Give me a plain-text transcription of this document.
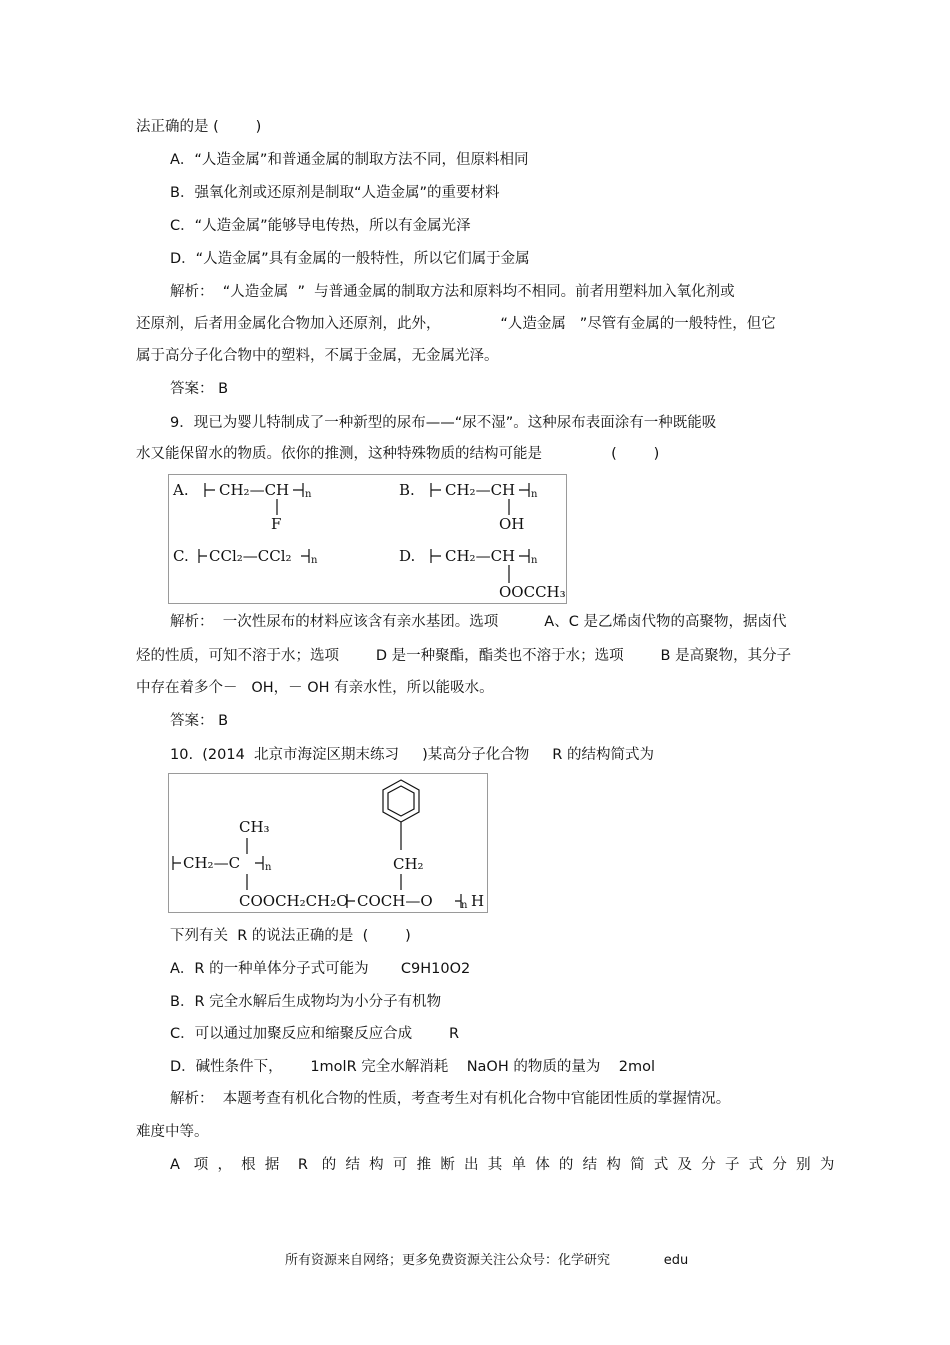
法正确的是 (        )
A．“人造金属”和普通金属的制取方法不同，但原料相同
B．强氧化剂或还原剂是制取“人造金属”的重要材料
C．“人造金属”能够导电传热，所以有金属光泽
D．“人造金属”具有金属的一般特性，所以它们属于金属
解析：  “人造金属  ”  与普通金属的制取方法和原料均不相同。前者用塑料加入氧化剂或
还原剂，后者用金属化合物加入还原剂，此外，             “人造金属   ”尽管有金属的一般特性，但它
属于高分子化合物中的塑料，不属于金属，无金属光泽。
答案： B
9．现已为婴儿特制成了一种新型的尿布——“尿不湿”。这种尿布表面涂有一种既能吸
水又能保留水的物质。依你的推测，这种特殊物质的结构可能是               (        )
A. CH₂—CH n
F
B. CH₂—CH n
OH
C. CCl₂—CCl₂ n	D. CH₂—CH n
OOCCH₃
解析：  一次性尿布的材料应该含有亲水基团。选项          A、C 是乙烯卤代物的高聚物，据卤代
烃的性质，可知不溶于水；选项        D 是一种聚酯，酯类也不溶于水；选项        B 是高聚物，其分子
中存在着多个－   OH，－ OH 有亲水性，所以能吸水。
答案： B
10.  (2014  北京市海淀区期末练习     )某高分子化合物     R 的结构简式为
CH₂
CH₃
CH₂—C n
COOCH₂CH₂O COCH—O	n H
下列有关  R 的说法正确的是  (        )
A．R 的一种单体分子式可能为       C9H10O2
B．R 完全水解后生成物均为小分子有机物
C．可以通过加聚反应和缩聚反应合成        R
D．碱性条件下，      1molR 完全水解消耗    NaOH 的物质的量为    2mol
解析：  本题考查有机化合物的性质，考查考生对有机化合物中官能团性质的掌握情况。
难度中等。
A   项  ，  根  据    R   的  结  构  可  推  断  出  其  单  体  的  结  构  简  式  及  分  子  式  分  别  为
所有资源来自网络；更多免费资源关注公众号：化学研究             edu
